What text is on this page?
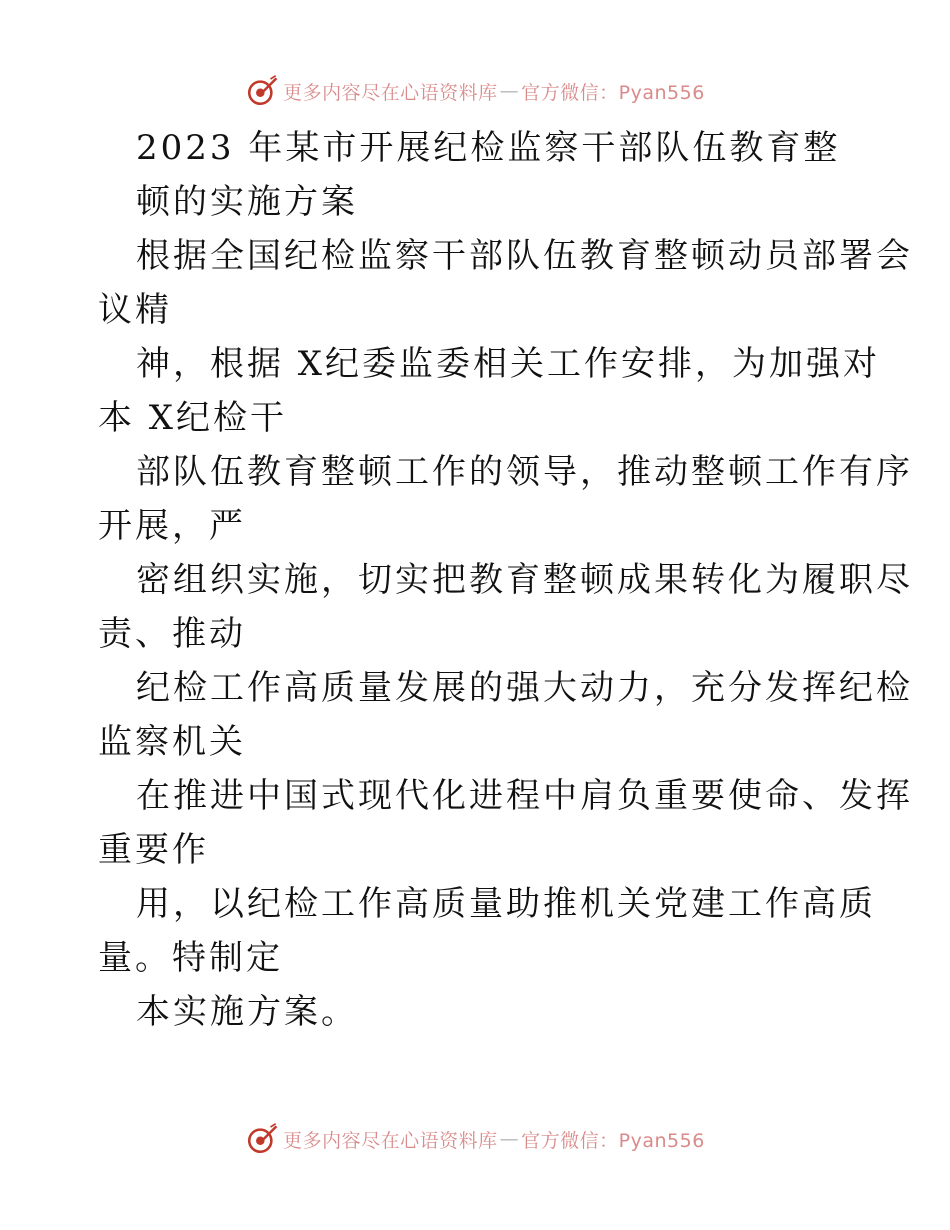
更多内容尽在心语资料库 — 官方微信：Pyan556
2023 年某市开展纪检监察干部队伍教育整
顿的实施方案
根据全国纪检监察干部队伍教育整顿动员部署会
议精
神，根据 X纪委监委相关工作安排，为加强对
本 X纪检干
部队伍教育整顿工作的领导，推动整顿工作有序
开展，严
密组织实施，切实把教育整顿成果转化为履职尽
责、推动
纪检工作高质量发展的强大动力，充分发挥纪检
监察机关
在推进中国式现代化进程中肩负重要使命、发挥
重要作
用，以纪检工作高质量助推机关党建工作高质
量。特制定
本实施方案。
更多内容尽在心语资料库 — 官方微信：Pyan556
